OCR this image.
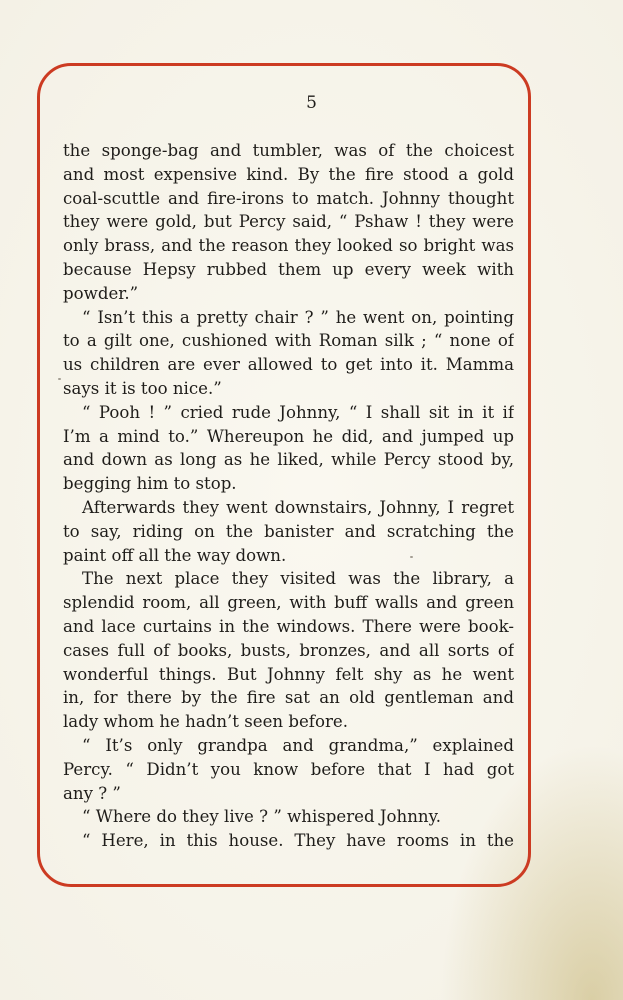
5

the sponge-bag and tumbler, was of the choicest
and most expensive kind. By the fire stood a gold
coal-scuttle and fire-irons to match. Johnny thought
they were gold, but Percy said, “ Pshaw ! they were
only brass, and the reason they looked so bright was
because Hepsy rubbed them up every week with
powder.”
“ Isn’t this a pretty chair ? ” he went on, pointing
to a gilt one, cushioned with Roman silk ; “ none of
us children are ever allowed to get into it. Mamma
says it is too nice.”
“ Pooh ! ” cried rude Johnny, “ I shall sit in it if
I’m a mind to.” Whereupon he did, and jumped up
and down as long as he liked, while Percy stood by,
begging him to stop.
Afterwards they went downstairs, Johnny, I regret
to say, riding on the banister and scratching the
paint off all the way down.
The next place they visited was the library, a
splendid room, all green, with buff walls and green
and lace curtains in the windows. There were book-
cases full of books, busts, bronzes, and all sorts of
wonderful things. But Johnny felt shy as he went
in, for there by the fire sat an old gentleman and
lady whom he hadn’t seen before.
“ It’s only grandpa and grandma,” explained
Percy. “ Didn’t you know before that I had got
any ? ”
“ Where do they live ? ” whispered Johnny.
“ Here, in this house. They have rooms in the
